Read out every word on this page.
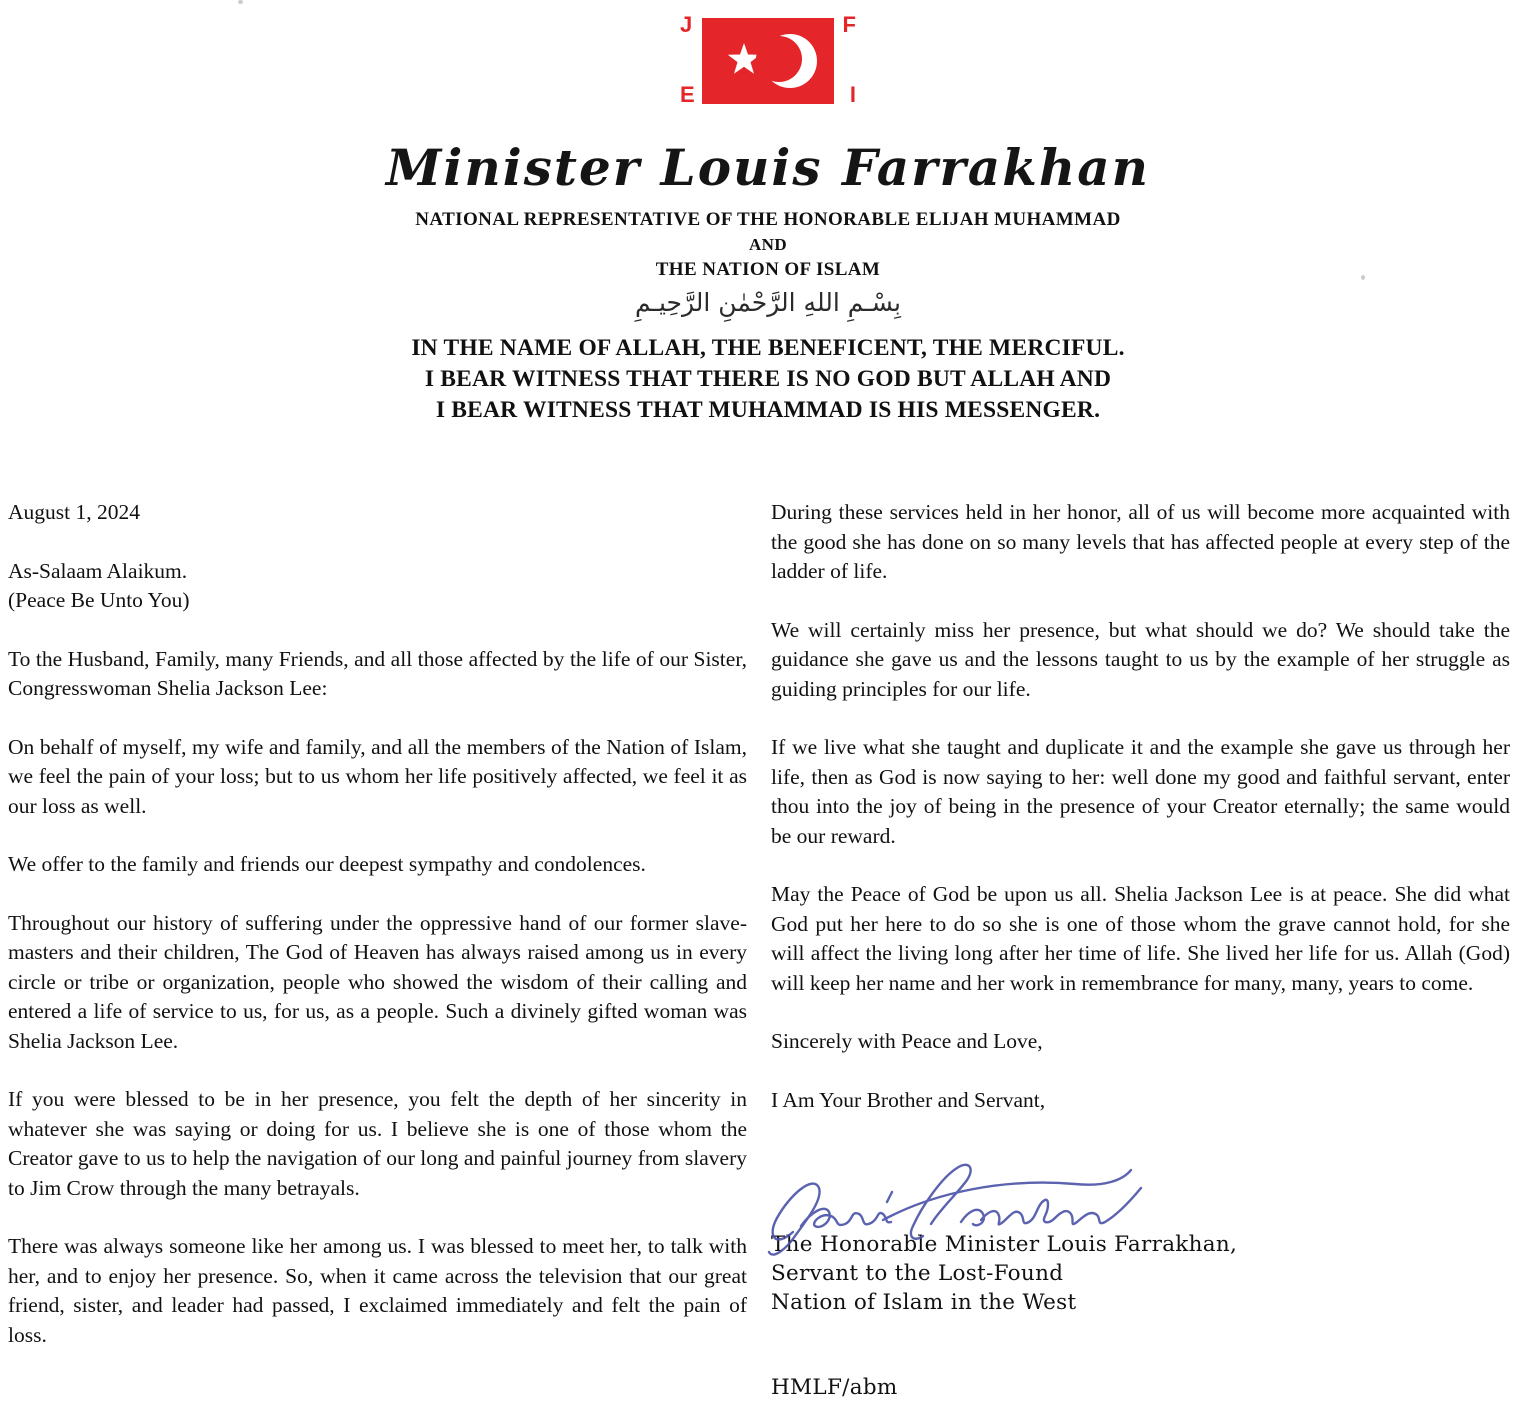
J	F
E	I
Minister Louis Farrakhan
NATIONAL REPRESENTATIVE OF THE HONORABLE ELIJAH MUHAMMAD
AND
THE NATION OF ISLAM
بِسْـمِ اللهِ الرَّحْمٰنِ الرَّحِيـمِ
IN THE NAME OF ALLAH, THE BENEFICENT, THE MERCIFUL.
I BEAR WITNESS THAT THERE IS NO GOD BUT ALLAH AND
I BEAR WITNESS THAT MUHAMMAD IS HIS MESSENGER.

August 1, 2024

As-Salaam Alaikum.
(Peace Be Unto You)

To the Husband, Family, many Friends, and all those affected by the life of our Sister, Congresswoman Shelia Jackson Lee:

On behalf of myself, my wife and family, and all the members of the Nation of Islam, we feel the pain of your loss; but to us whom her life positively affected, we feel it as our loss as well.

We offer to the family and friends our deepest sympathy and condolences.

Throughout our history of suffering under the oppressive hand of our former slave-masters and their children, The God of Heaven has always raised among us in every circle or tribe or organization, people who showed the wisdom of their calling and entered a life of service to us, for us, as a people. Such a divinely gifted woman was Shelia Jackson Lee.

If you were blessed to be in her presence, you felt the depth of her sincerity in whatever she was saying or doing for us. I believe she is one of those whom the Creator gave to us to help the navigation of our long and painful journey from slavery to Jim Crow through the many betrayals.

There was always someone like her among us. I was blessed to meet her, to talk with her, and to enjoy her presence. So, when it came across the television that our great friend, sister, and leader had passed, I exclaimed immediately and felt the pain of loss.

During these services held in her honor, all of us will become more acquainted with the good she has done on so many levels that has affected people at every step of the ladder of life.

We will certainly miss her presence, but what should we do? We should take the guidance she gave us and the lessons taught to us by the example of her struggle as guiding principles for our life.

If we live what she taught and duplicate it and the example she gave us through her life, then as God is now saying to her: well done my good and faithful servant, enter thou into the joy of being in the presence of your Creator eternally; the same would be our reward.

May the Peace of God be upon us all. Shelia Jackson Lee is at peace. She did what God put her here to do so she is one of those whom the grave cannot hold, for she will affect the living long after her time of life. She lived her life for us. Allah (God) will keep her name and her work in remembrance for many, many, years to come.

Sincerely with Peace and Love,

I Am Your Brother and Servant,

The Honorable Minister Louis Farrakhan,
Servant to the Lost-Found
Nation of Islam in the West
HMLF/abm
